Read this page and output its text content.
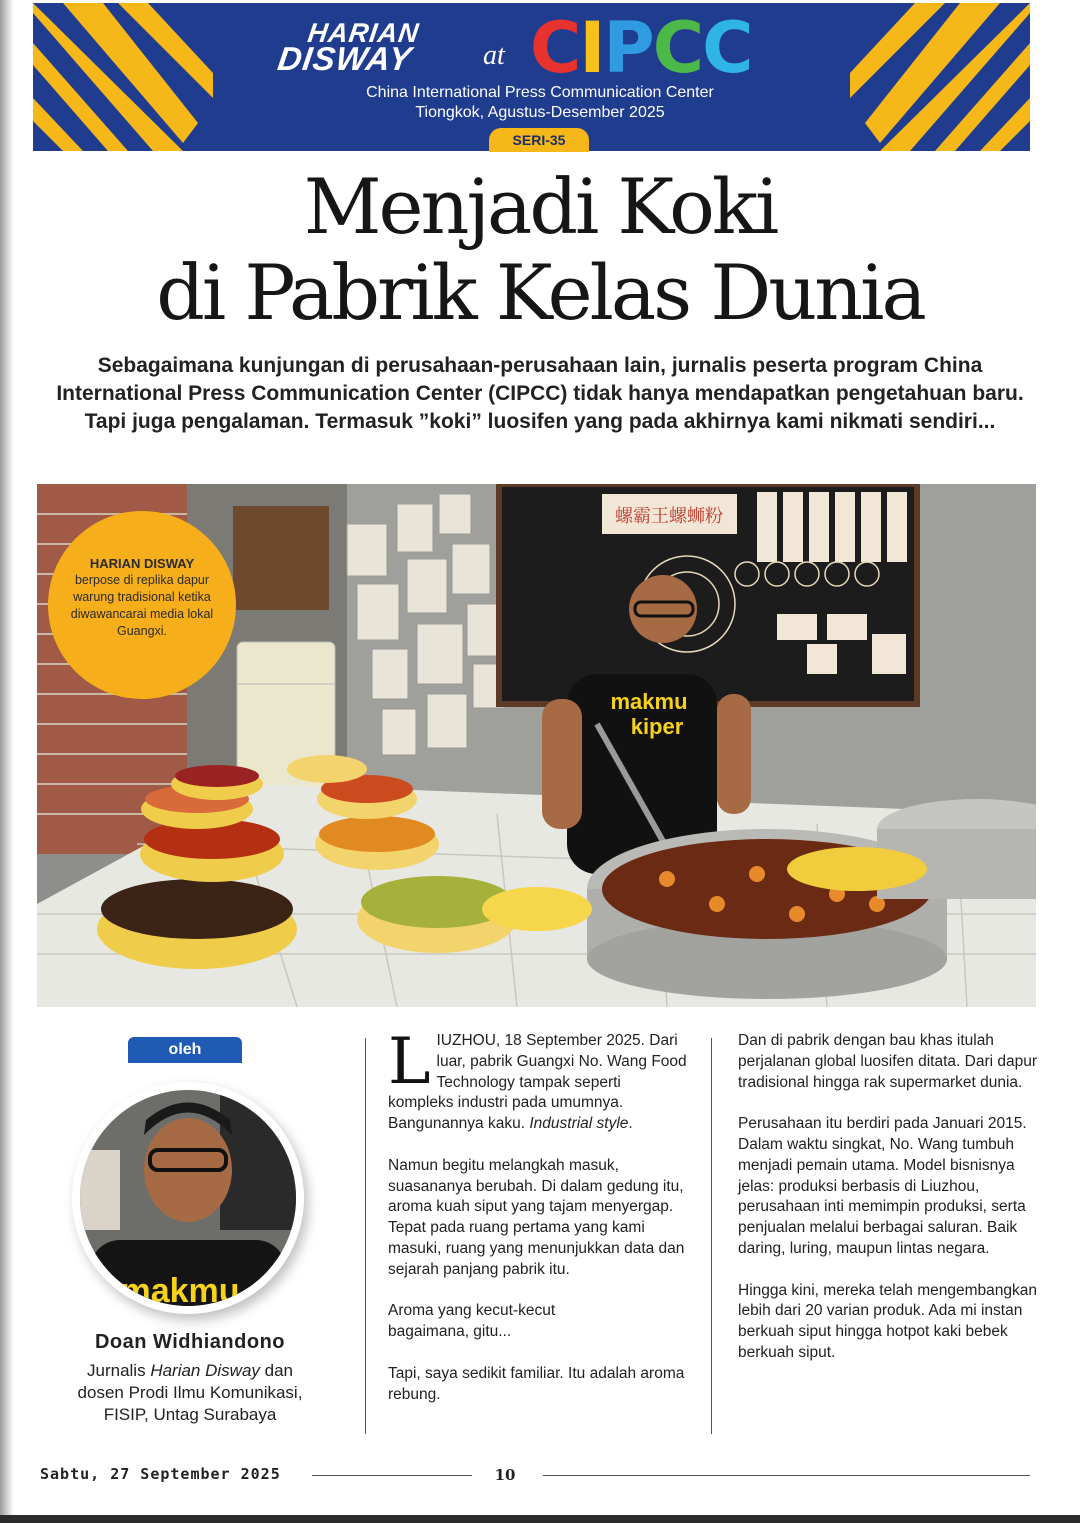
HARIAN
DISWAY	at CIPCC
China International Press Communication Center
Tiongkok, Agustus-Desember 2025
SERI-35
Menjadi Koki
di Pabrik Kelas Dunia
Sebagaimana kunjungan di perusahaan-perusahaan lain, jurnalis peserta program China International Press Communication Center (CIPCC) tidak hanya mendapatkan pengetahuan baru. Tapi juga pengalaman. Termasuk ”koki” luosifen yang pada akhirnya kami nikmati sendiri...
螺霸王螺蛳粉
makmu
kiper
HARIAN DISWAY
berpose di replika dapur warung tradisional ketika diwawancarai media lokal Guangxi.
oleh
makmu
Doan Widhiandono
Jurnalis Harian Disway dan
dosen Prodi Ilmu Komunikasi,
FISIP, Untag Surabaya

LIUZHOU, 18 September 2025. Dari luar, pabrik Guangxi No. Wang Food Technology tampak seperti kompleks industri pada umumnya. Bangunannya kaku. Industrial style.

Namun begitu melangkah masuk, suasananya berubah. Di dalam gedung itu, aroma kuah siput yang tajam menyergap. Tepat pada ruang pertama yang kami masuki, ruang yang menunjukkan data dan sejarah panjang pabrik itu.

Aroma yang kecut-kecut bagaimana, gitu...

Tapi, saya sedikit familiar. Itu adalah aroma rebung.

Dan di pabrik dengan bau khas itulah perjalanan global luosifen ditata. Dari dapur tradisional hingga rak supermarket dunia.

Perusahaan itu berdiri pada Januari 2015. Dalam waktu singkat, No. Wang tumbuh menjadi pemain utama. Model bisnisnya jelas: produksi berbasis di Liuzhou, perusahaan inti memimpin produksi, serta penjualan melalui berbagai saluran. Baik daring, luring, maupun lintas negara.

Hingga kini, mereka telah mengembangkan lebih dari 20 varian produk. Ada mi instan berkuah siput hingga hotpot kaki bebek berkuah siput.

Sabtu, 27 September 2025	10
